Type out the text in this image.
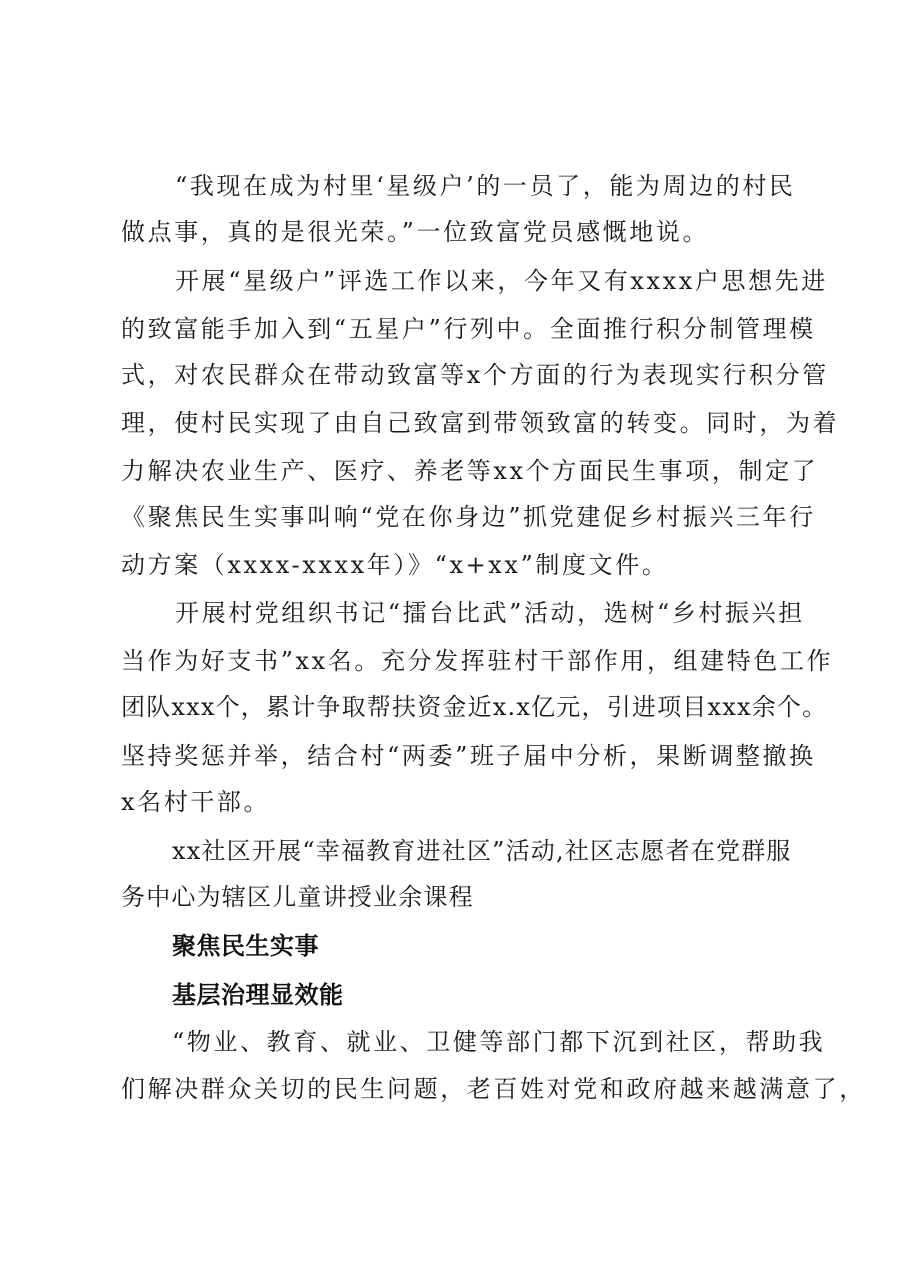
“我现在成为村里‘星级户’的一员了，能为周边的村民
做点事，真的是很光荣。”一位致富党员感慨地说。
开展“星级户”评选工作以来，今年又有xxxx户思想先进
的致富能手加入到“五星户”行列中。全面推行积分制管理模
式，对农民群众在带动致富等x个方面的行为表现实行积分管
理，使村民实现了由自己致富到带领致富的转变。同时，为着
力解决农业生产、医疗、养老等xx个方面民生事项，制定了
《聚焦民生实事叫响“党在你身边”抓党建促乡村振兴三年行
动方案（xxxx-xxxx年）》“x+xx”制度文件。
开展村党组织书记“擂台比武”活动，选树“乡村振兴担
当作为好支书”xx名。充分发挥驻村干部作用，组建特色工作
团队xxx个，累计争取帮扶资金近x.x亿元，引进项目xxx余个。
坚持奖惩并举，结合村“两委”班子届中分析，果断调整撤换
x名村干部。
xx社区开展“幸福教育进社区”活动,社区志愿者在党群服
务中心为辖区儿童讲授业余课程
聚焦民生实事
基层治理显效能
“物业、教育、就业、卫健等部门都下沉到社区，帮助我
们解决群众关切的民生问题，老百姓对党和政府越来越满意了，
